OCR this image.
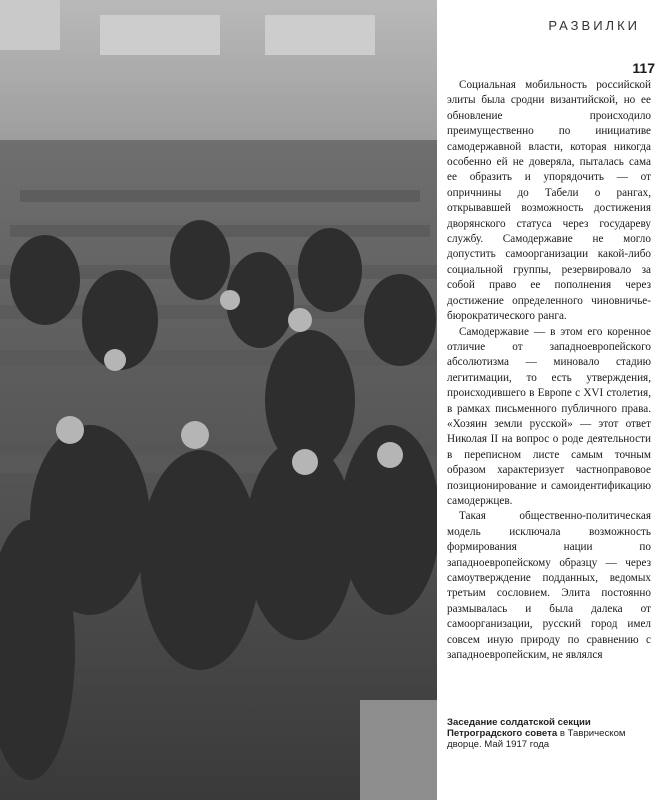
РАЗВИЛКИ
117

Социальная мобильность российской элиты была сродни византийской, но ее обновление происходило преимущественно по инициативе самодержавной власти, которая никогда особенно ей не доверяла, пыталась сама ее образить и упорядочить — от опричнины до Табели о рангах, открывавшей возможность достижения дворянского статуса через государеву службу. Самодержавие не могло допустить самоорганизации какой-либо социальной группы, резервировало за собой право ее пополнения через достижение определенного чиновничье-бюрократического ранга.

Самодержавие — в этом его коренное отличие от западноевропейского абсолютизма — миновало стадию легитимации, то есть утверждения, происходившего в Европе с XVI столетия, в рамках письменного публичного права. «Хозяин земли русской» — этот ответ Николая II на вопрос о роде деятельности в переписном листе самым точным образом характеризует частноправовое позиционирование и самоидентификацию самодержцев.

Такая общественно-политическая модель исключала возможность формирования нации по западноевропейскому образцу — через самоутверждение подданных, ведомых третьим сословием. Элита постоянно размывалась и была далека от самоорганизации, русский город имел совсем иную природу по сравнению с западноевропейским, не являлся

Заседание солдатской секции Петроградского совета в Таврическом дворце. Май 1917 года
